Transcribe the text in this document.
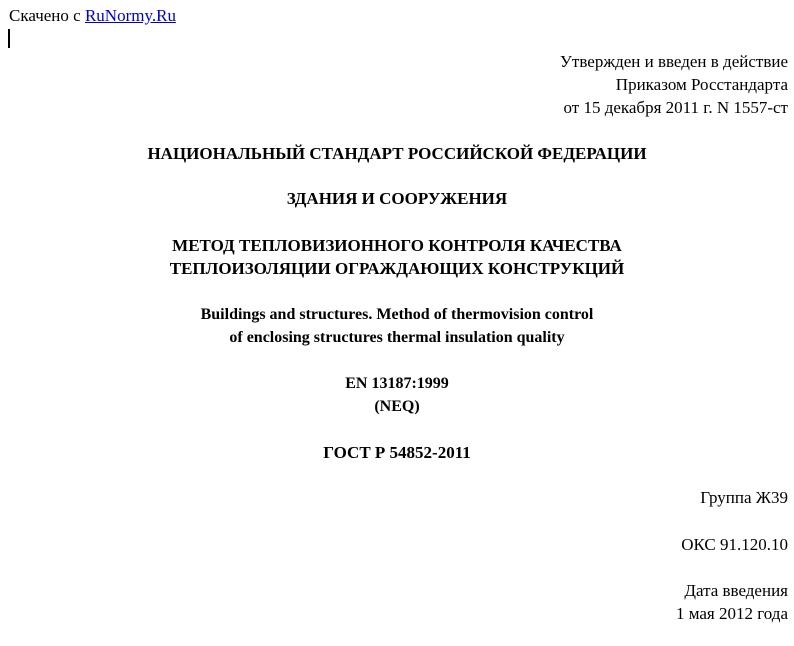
Скачено с RuNormy.Ru
Утвержден и введен в действие
Приказом Росстандарта
от 15 декабря 2011 г. N 1557-ст
НАЦИОНАЛЬНЫЙ СТАНДАРТ РОССИЙСКОЙ ФЕДЕРАЦИИ
ЗДАНИЯ И СООРУЖЕНИЯ
МЕТОД ТЕПЛОВИЗИОННОГО КОНТРОЛЯ КАЧЕСТВА
ТЕПЛОИЗОЛЯЦИИ ОГРАЖДАЮЩИХ КОНСТРУКЦИЙ
Buildings and structures. Method of thermovision control
of enclosing structures thermal insulation quality
EN 13187:1999
(NEQ)
ГОСТ Р 54852-2011
Группа Ж39
ОКС 91.120.10
Дата введения
1 мая 2012 года
